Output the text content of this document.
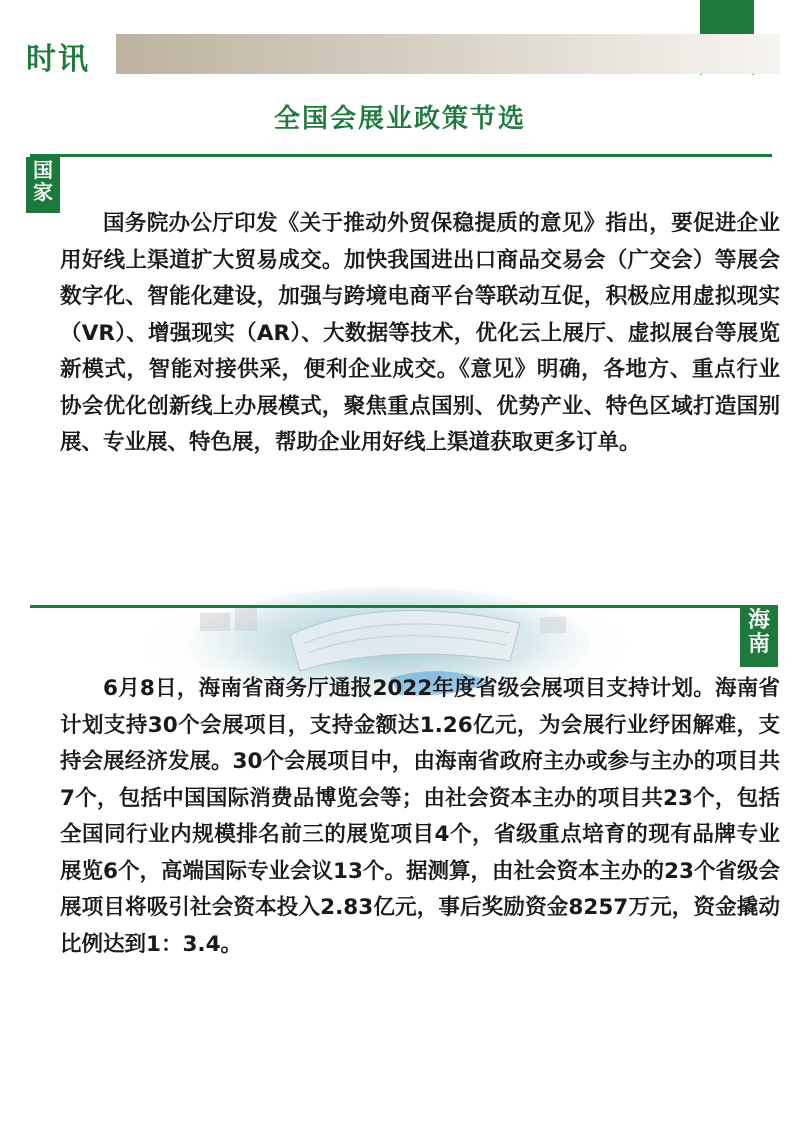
时讯
全国会展业政策节选
国家
国务院办公厅印发《关于推动外贸保稳提质的意见》指出，要促进企业用好线上渠道扩大贸易成交。加快我国进出口商品交易会（广交会）等展会数字化、智能化建设，加强与跨境电商平台等联动互促，积极应用虚拟现实（VR）、增强现实（AR）、大数据等技术，优化云上展厅、虚拟展台等展览新模式，智能对接供采，便利企业成交。《意见》明确，各地方、重点行业协会优化创新线上办展模式，聚焦重点国别、优势产业、特色区域打造国别展、专业展、特色展，帮助企业用好线上渠道获取更多订单。
海南
6月8日，海南省商务厅通报2022年度省级会展项目支持计划。海南省计划支持30个会展项目，支持金额达1.26亿元，为会展行业纾困解难，支持会展经济发展。30个会展项目中，由海南省政府主办或参与主办的项目共7个，包括中国国际消费品博览会等；由社会资本主办的项目共23个，包括全国同行业内规模排名前三的展览项目4个，省级重点培育的现有品牌专业展览6个，高端国际专业会议13个。据测算，由社会资本主办的23个省级会展项目将吸引社会资本投入2.83亿元，事后奖励资金8257万元，资金撬动比例达到1：3.4。
